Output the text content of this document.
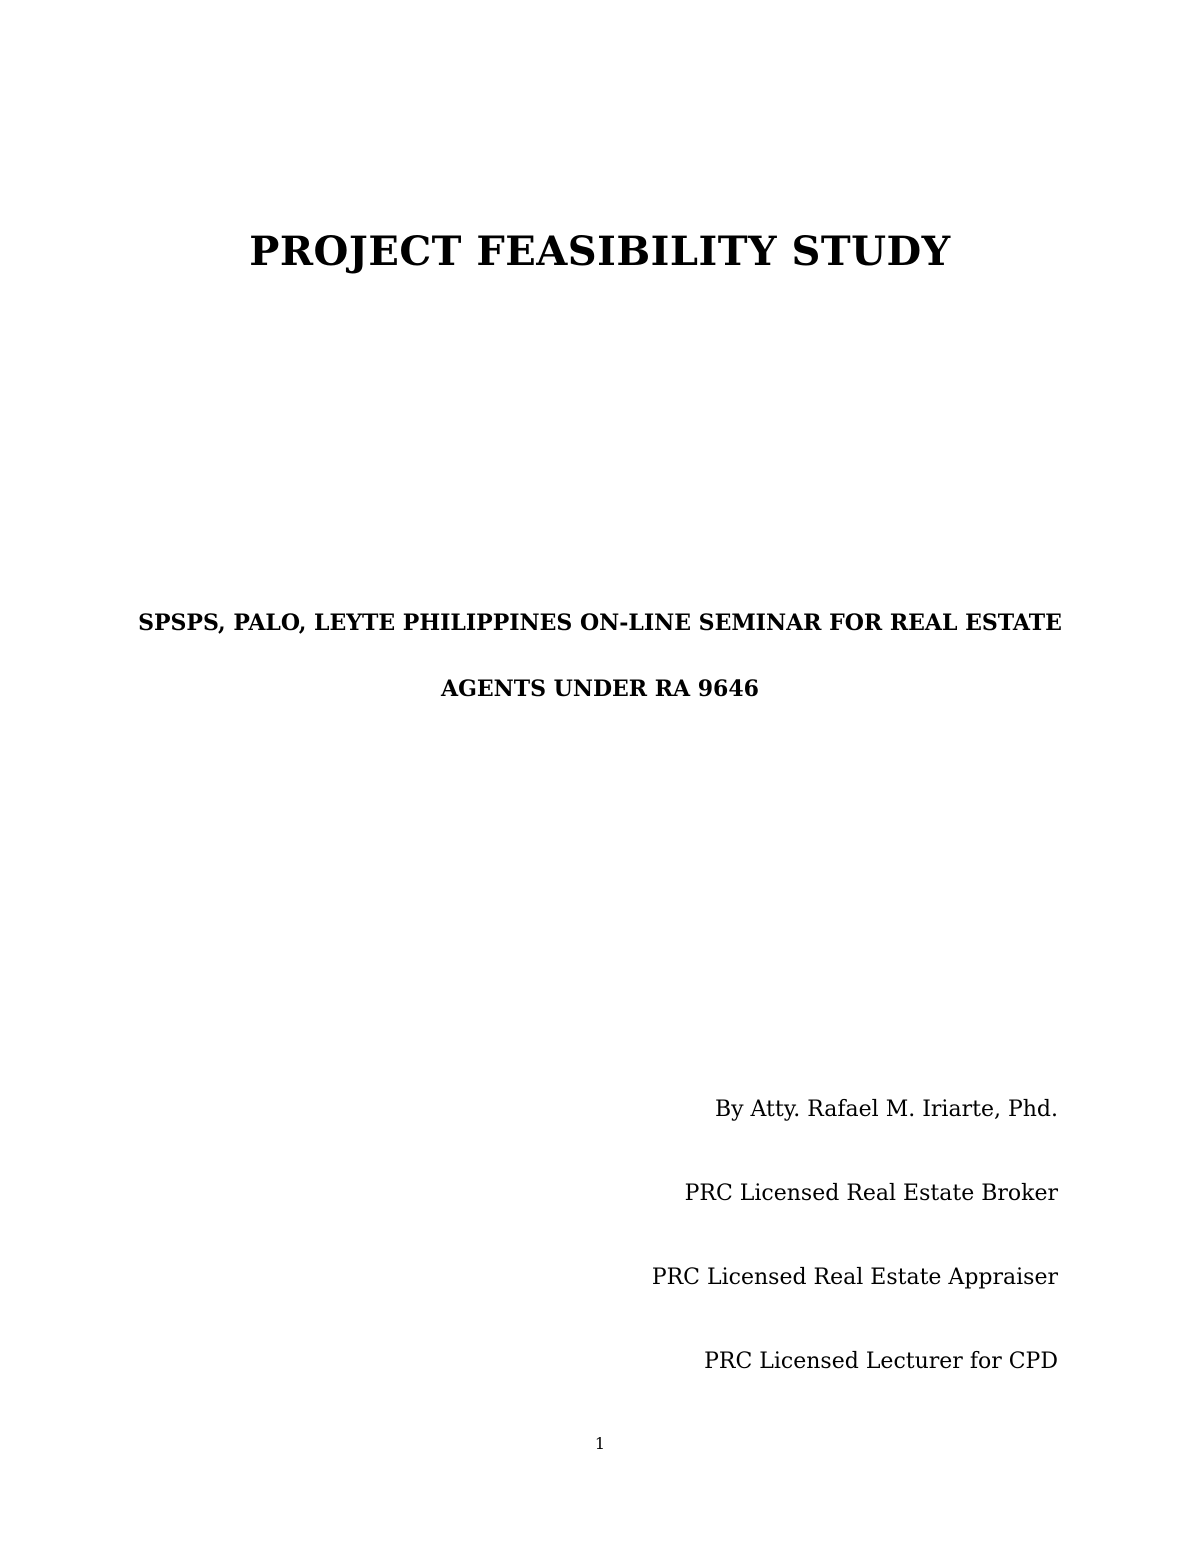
PROJECT FEASIBILITY STUDY
SPSPS, PALO, LEYTE PHILIPPINES ON-LINE SEMINAR FOR REAL ESTATE
AGENTS UNDER RA 9646
By Atty. Rafael M. Iriarte, Phd.
PRC Licensed Real Estate Broker
PRC Licensed Real Estate Appraiser
PRC Licensed Lecturer for CPD
1
